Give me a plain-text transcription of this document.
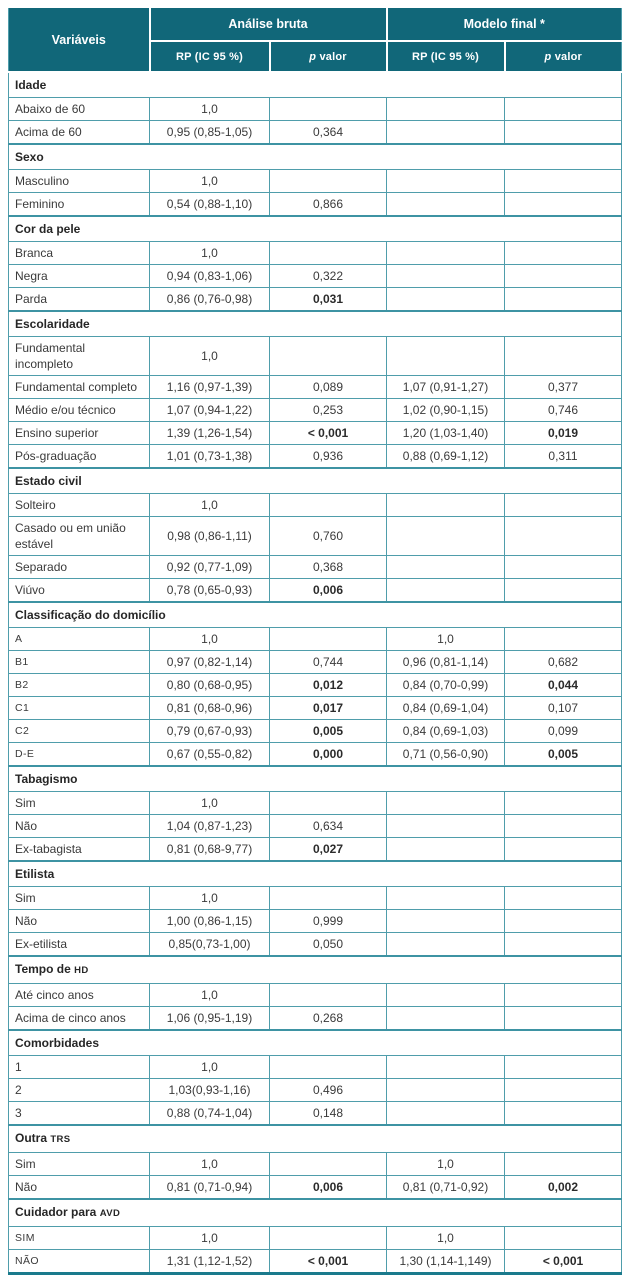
Variáveis	Análise bruta		Modelo final *	
	RP (IC 95 %)	p valor	RP (IC 95 %)	p valor
Idade				
Abaixo de 60	1,0			
Acima de 60	0,95 (0,85-1,05)	0,364		
Sexo				
Masculino	1,0			
Feminino	0,54 (0,88-1,10)	0,866		
Cor da pele				
Branca	1,0			
Negra	0,94 (0,83-1,06)	0,322		
Parda	0,86 (0,76-0,98)	0,031		
Escolaridade				
Fundamental incompleto	1,0			
Fundamental completo	1,16 (0,97-1,39)	0,089	1,07 (0,91-1,27)	0,377
Médio e/ou técnico	1,07 (0,94-1,22)	0,253	1,02 (0,90-1,15)	0,746
Ensino superior	1,39 (1,26-1,54)	< 0,001	1,20 (1,03-1,40)	0,019
Pós-graduação	1,01 (0,73-1,38)	0,936	0,88 (0,69-1,12)	0,311
Estado civil				
Solteiro	1,0			
Casado ou em união estável	0,98 (0,86-1,11)	0,760		
Separado	0,92 (0,77-1,09)	0,368		
Viúvo	0,78 (0,65-0,93)	0,006		
Classificação do domicílio				
A	1,0		1,0	
B1	0,97 (0,82-1,14)	0,744	0,96 (0,81-1,14)	0,682
B2	0,80 (0,68-0,95)	0,012	0,84 (0,70-0,99)	0,044
C1	0,81 (0,68-0,96)	0,017	0,84 (0,69-1,04)	0,107
C2	0,79 (0,67-0,93)	0,005	0,84 (0,69-1,03)	0,099
D-E	0,67 (0,55-0,82)	0,000	0,71 (0,56-0,90)	0,005
Tabagismo				
Sim	1,0			
Não	1,04 (0,87-1,23)	0,634		
Ex-tabagista	0,81 (0,68-9,77)	0,027		
Etilista				
Sim	1,0			
Não	1,00 (0,86-1,15)	0,999		
Ex-etilista	0,85(0,73-1,00)	0,050		
Tempo de HD				
Até cinco anos	1,0			
Acima de cinco anos	1,06 (0,95-1,19)	0,268		
Comorbidades				
1	1,0			
2	1,03(0,93-1,16)	0,496		
3	0,88 (0,74-1,04)	0,148		
Outra TRS				
Sim	1,0		1,0	
Não	0,81 (0,71-0,94)	0,006	0,81 (0,71-0,92)	0,002
Cuidador para AVD				
SIM	1,0		1,0	
NÃO	1,31 (1,12-1,52)	< 0,001	1,30 (1,14-1,149)	< 0,001
